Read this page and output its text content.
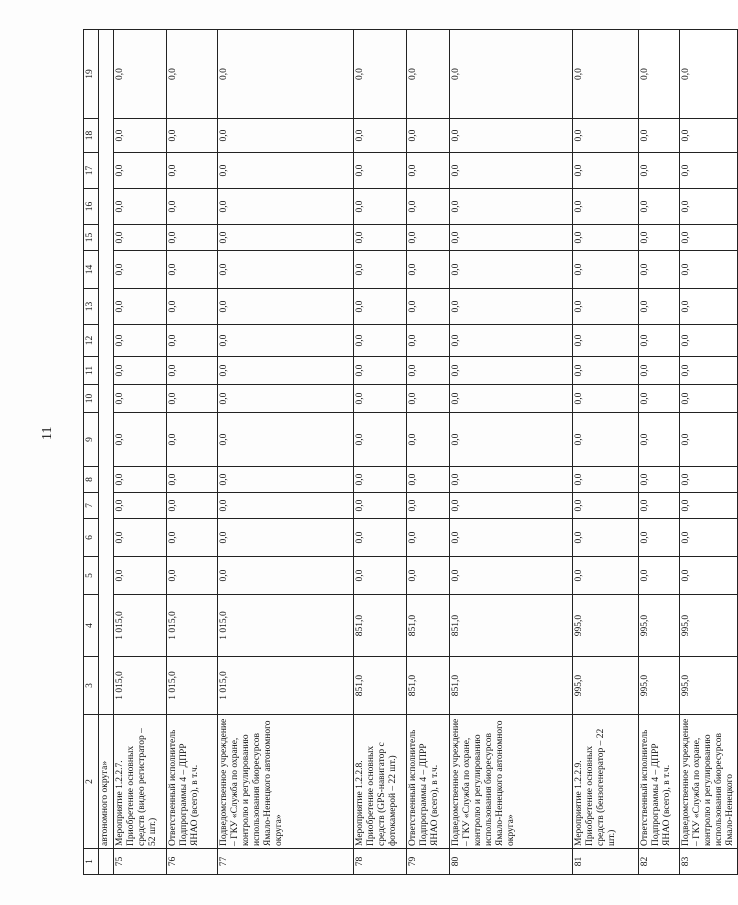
11
1	2	3	4	5	6	7	8	9	10	11	12	13	14	15	16	17	18	19
	автономного округа»																	
75	Мероприятие 1.2.2.7. Приобретение основных средств (видео регистратор – 52 шт.)	1 015,0	1 015,0	0,0	0,0	0,0	0,0	0,0	0,0	0,0	0,0	0,0	0,0	0,0	0,0	0,0	0,0	0,0
76	Ответственный исполнитель Подпрограммы 4 – ДПРР ЯНАО (всего), в т.ч.	1 015,0	1 015,0	0,0	0,0	0,0	0,0	0,0	0,0	0,0	0,0	0,0	0,0	0,0	0,0	0,0	0,0	0,0
77	Подведомственное учреждение – ГКУ «Служба по охране, контролю и регулированию использования биоресурсов Ямало-Ненецкого автономного округа»	1 015,0	1 015,0	0,0	0,0	0,0	0,0	0,0	0,0	0,0	0,0	0,0	0,0	0,0	0,0	0,0	0,0	0,0
78	Мероприятие 1.2.2.8. Приобретение основных средств (GPS-навигатор с фотокамерой – 22 шт.)	851,0	851,0	0,0	0,0	0,0	0,0	0,0	0,0	0,0	0,0	0,0	0,0	0,0	0,0	0,0	0,0	0,0
79	Ответственный исполнитель Подпрограммы 4 – ДПРР ЯНАО (всего), в т.ч.	851,0	851,0	0,0	0,0	0,0	0,0	0,0	0,0	0,0	0,0	0,0	0,0	0,0	0,0	0,0	0,0	0,0
80	Подведомственное учреждение – ГКУ «Служба по охране, контролю и регулированию использования биоресурсов Ямало-Ненецкого автономного округа»	851,0	851,0	0,0	0,0	0,0	0,0	0,0	0,0	0,0	0,0	0,0	0,0	0,0	0,0	0,0	0,0	0,0
81	Мероприятие 1.2.2.9. Приобретение основных средств (бензогенератор – 22 шт.)	995,0	995,0	0,0	0,0	0,0	0,0	0,0	0,0	0,0	0,0	0,0	0,0	0,0	0,0	0,0	0,0	0,0
82	Ответственный исполнитель Подпрограммы 4 – ДПРР ЯНАО (всего), в т.ч.	995,0	995,0	0,0	0,0	0,0	0,0	0,0	0,0	0,0	0,0	0,0	0,0	0,0	0,0	0,0	0,0	0,0
83	Подведомственное учреждение – ГКУ «Служба по охране, контролю и регулированию использования биоресурсов Ямало-Ненецкого	995,0	995,0	0,0	0,0	0,0	0,0	0,0	0,0	0,0	0,0	0,0	0,0	0,0	0,0	0,0	0,0	0,0
